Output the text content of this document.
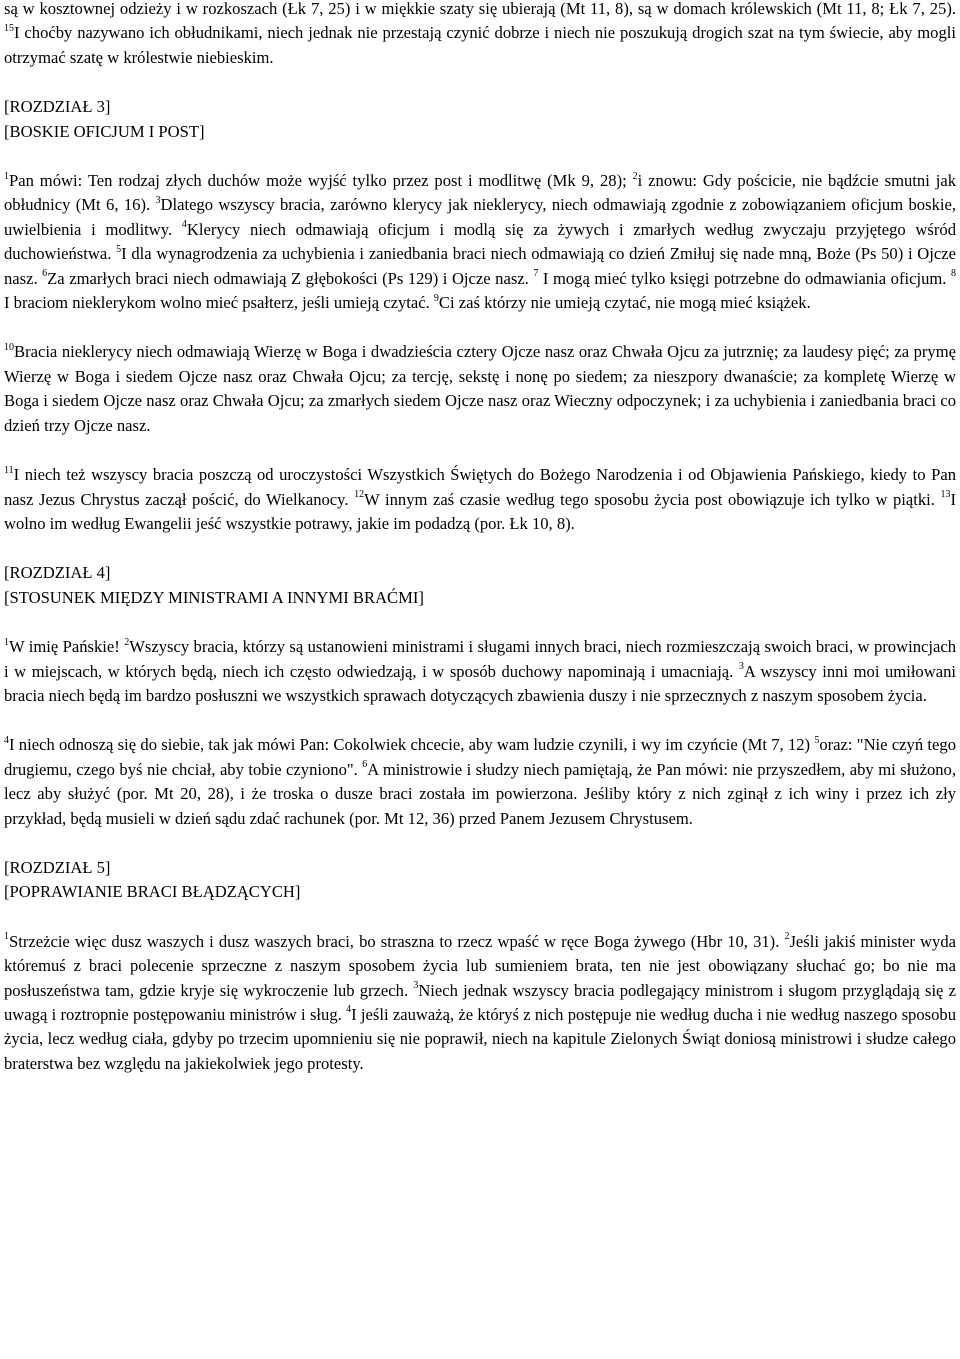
są w kosztownej odzieży i w rozkoszach (Łk 7, 25) i w miękkie szaty się ubierają (Mt 11, 8), są w domach królewskich (Mt 11, 8; Łk 7, 25). $^{15}$I choćby nazywano ich obłudnikami, niech jednak nie przestają czynić dobrze i niech nie poszukują drogich szat na tym świecie, aby mogli otrzymać szatę w królestwie niebieskim.
[ROZDZIAŁ 3]
[BOSKIE OFICJUM I POST]
$^1$Pan mówi: Ten rodzaj złych duchów może wyjść tylko przez post i modlitwę (Mk 9, 28); $^2$i znowu: Gdy pościcie, nie bądźcie smutni jak obłudnicy (Mt 6, 16). $^3$Dlatego wszyscy bracia, zarówno klerycy jak nieklerycy, niech odmawiają zgodnie z zobowiązaniem oficjum boskie, uwielbienia i modlitwy. $^4$Klerycy niech odmawiają oficjum i modlą się za żywych i zmarłych według zwyczaju przyjętego wśród duchowieństwa. $^5$I dla wynagrodzenia za uchybienia i zaniedbania braci niech odmawiają co dzień Zmiłuj się nade mną, Boże (Ps 50) i Ojcze nasz. $^6$Za zmarłych braci niech odmawiają Z głębokości (Ps 129) i Ojcze nasz. $^7$ I mogą mieć tylko księgi potrzebne do odmawiania oficjum. $^8$ I braciom nieklerykom wolno mieć psałterz, jeśli umieją czytać. $^9$Ci zaś którzy nie umieją czytać, nie mogą mieć książek.
$^{10}$Bracia nieklerycy niech odmawiają Wierzę w Boga i dwadzieścia cztery Ojcze nasz oraz Chwała Ojcu za jutrznię; za laudesy pięć; za prymę Wierzę w Boga i siedem Ojcze nasz oraz Chwała Ojcu; za tercję, sekstę i nonę po siedem; za nieszpory dwanaście; za kompletę Wierzę w Boga i siedem Ojcze nasz oraz Chwała Ojcu; za zmarłych siedem Ojcze nasz oraz Wieczny odpoczynek; i za uchybienia i zaniedbania braci co dzień trzy Ojcze nasz.
$^{11}$I niech też wszyscy bracia poszczą od uroczystości Wszystkich Świętych do Bożego Narodzenia i od Objawienia Pańskiego, kiedy to Pan nasz Jezus Chrystus zaczął pościć, do Wielkanocy. $^{12}$W innym zaś czasie według tego sposobu życia post obowiązuje ich tylko w piątki. $^{13}$I wolno im według Ewangelii jeść wszystkie potrawy, jakie im podadzą (por. Łk 10, 8).
[ROZDZIAŁ 4]
[STOSUNEK MIĘDZY MINISTRAMI A INNYMI BRAĆMI]
$^1$W imię Pańskie! $^2$Wszyscy bracia, którzy są ustanowieni ministrami i sługami innych braci, niech rozmieszczają swoich braci, w prowincjach i w miejscach, w których będą, niech ich często odwiedzają, i w sposób duchowy napominają i umacniają. $^3$A wszyscy inni moi umiłowani bracia niech będą im bardzo posłuszni we wszystkich sprawach dotyczących zbawienia duszy i nie sprzecznych z naszym sposobem życia.
$^4$I niech odnoszą się do siebie, tak jak mówi Pan: Cokolwiek chcecie, aby wam ludzie czynili, i wy im czyńcie (Mt 7, 12) $^5$oraz: "Nie czyń tego drugiemu, czego byś nie chciał, aby tobie czyniono". $^6$A ministrowie i słudzy niech pamiętają, że Pan mówi: nie przyszedłem, aby mi służono, lecz aby służyć (por. Mt 20, 28), i że troska o dusze braci została im powierzona. Jeśliby który z nich zginął z ich winy i przez ich zły przykład, będą musieli w dzień sądu zdać rachunek (por. Mt 12, 36) przed Panem Jezusem Chrystusem.
[ROZDZIAŁ 5]
[POPRAWIANIE BRACI BŁĄDZĄCYCH]
$^1$Strzeżcie więc dusz waszych i dusz waszych braci, bo straszna to rzecz wpaść w ręce Boga żywego (Hbr 10, 31). $^2$Jeśli jakiś minister wyda któremuś z braci polecenie sprzeczne z naszym sposobem życia lub sumieniem brata, ten nie jest obowiązany słuchać go; bo nie ma posłuszeństwa tam, gdzie kryje się wykroczenie lub grzech. $^3$Niech jednak wszyscy bracia podlegający ministrom i sługom przyglądają się z uwagą i roztropnie postępowaniu ministrów i sług. $^4$I jeśli zauważą, że któryś z nich postępuje nie według ducha i nie według naszego sposobu życia, lecz według ciała, gdyby po trzecim upomnieniu się nie poprawił, niech na kapitule Zielonych Świąt doniosą ministrowi i słudze całego braterstwa bez względu na jakiekolwiek jego protesty.
